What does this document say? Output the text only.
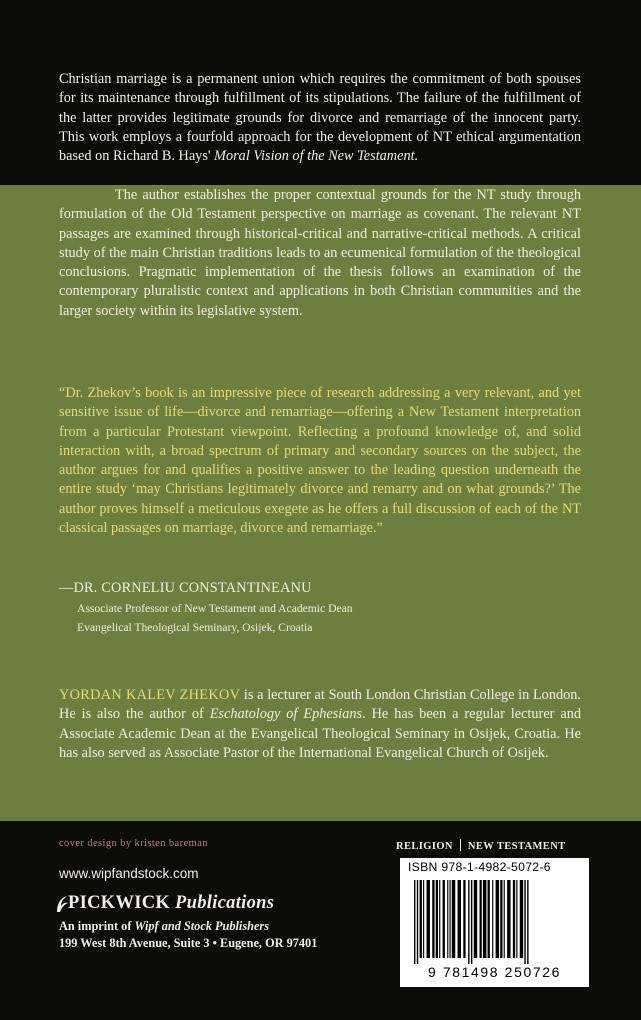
Christian marriage is a permanent union which requires the commitment of both spouses for its maintenance through fulfillment of its stipulations. The failure of the fulfillment of the latter provides legitimate grounds for divorce and remarriage of the innocent party. This work employs a fourfold approach for the development of NT ethical argumentation based on Richard B. Hays' Moral Vision of the New Testament.

The author establishes the proper contextual grounds for the NT study through formulation of the Old Testament perspective on marriage as covenant. The relevant NT passages are examined through historical-critical and narrative-critical methods. A critical study of the main Christian traditions leads to an ecumenical formulation of the theological conclusions. Pragmatic implementation of the thesis follows an examination of the contemporary pluralistic context and applications in both Christian communities and the larger society within its legislative system.

“Dr. Zhekov’s book is an impressive piece of research addressing a very relevant, and yet sensitive issue of life—divorce and remarriage—offering a New Testament interpretation from a particular Protestant viewpoint. Reflecting a profound knowledge of, and solid interaction with, a broad spectrum of primary and secondary sources on the subject, the author argues for and qualifies a positive answer to the leading question underneath the entire study ‘may Christians legitimately divorce and remarry and on what grounds?’ The author proves himself a meticulous exegete as he offers a full discussion of each of the NT classical passages on marriage, divorce and remarriage.”

—DR. CORNELIU CONSTANTINEANU
Associate Professor of New Testament and Academic Dean
Evangelical Theological Seminary, Osijek, Croatia

YORDAN KALEV ZHEKOV is a lecturer at South London Christian College in London. He is also the author of Eschatology of Ephesians. He has been a regular lecturer and Associate Academic Dean at the Evangelical Theological Seminary in Osijek, Croatia. He has also served as Associate Pastor of the International Evangelical Church of Osijek.

cover design by kristen bareman
www.wipfandstock.com
PICKWICK Publications
An imprint of Wipf and Stock Publishers
199 West 8th Avenue, Suite 3 • Eugene, OR 97401
RELIGION NEW TESTAMENT
ISBN 978-1-4982-5072-6
9 781498 250726
